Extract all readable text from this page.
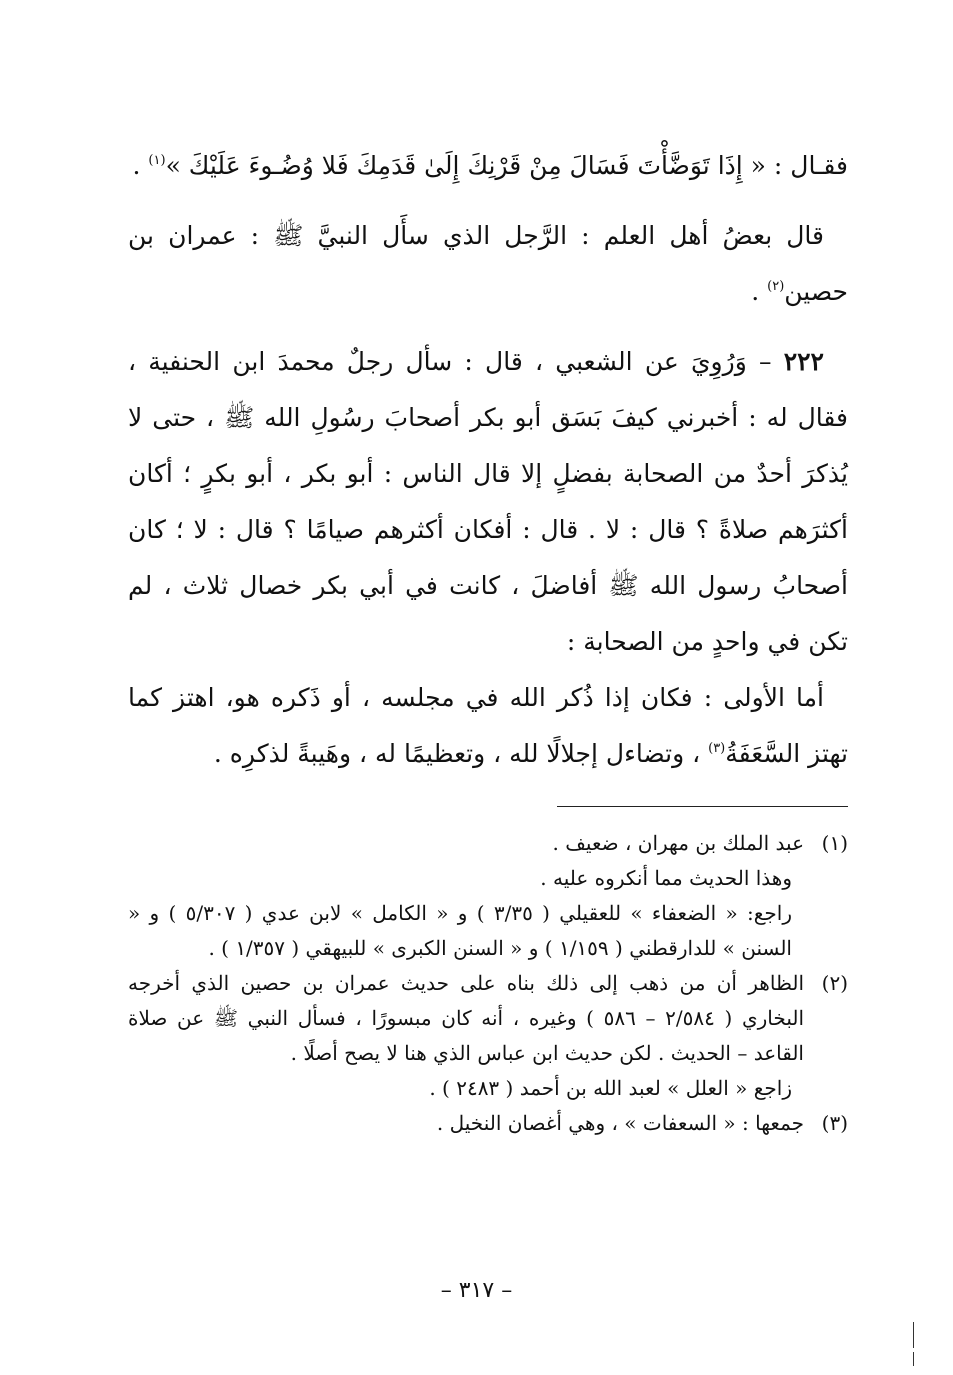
فقـال : « إِذَا تَوَضَّأْتَ فَسَالَ مِنْ قَرْنِكَ إِلَىٰ قَدَمِكَ فَلا وُضُـوءَ عَلَيْكَ »$^{(١)}$ .

قال بعضُ أهل العلم : الرَّجل الذي سأَل النبيَّ ﷺ : عمران بن حصين$^{(٢)}$ .

٢٢٢ – وَرُوِيَ عن الشعبي ، قال : سأل رجلٌ محمدَ ابن الحنفية ، فقال له : أخبرني كيفَ بَسَق أبو بكر أصحابَ رسُولِ الله ﷺ ، حتى لا يُذكرَ أحدٌ من الصحابة بفضلٍ إلا قال الناس : أبو بكر ، أبو بكرٍ ؛ أكان أكثرَهم صلاةً ؟ قال : لا . قال : أفكان أكثرهم صيامًا ؟ قال : لا ؛ كان أصحابُ رسول الله ﷺ أفاضلَ ، كانت في أبي بكر خصال ثلاث ، لم تكن في واحدٍ من الصحابة :

أما الأولى : فكان إذا ذُكر الله في مجلسه ، أو ذَكره هو، اهتز كما تهتز السَّعَفَةُ$^{(٣)}$ ، وتضاءل إجلالًا لله ، وتعظيمًا له ، وهَيبةً لذكرِه .

(١)

عبد الملك بن مهران ، ضعيف .

وهذا الحديث مما أنكروه عليه .

راجع: « الضعفاء » للعقيلي ( ٣/٣٥ ) و « الكامل » لابن عدي ( ٥/٣٠٧ ) و « السنن » للدارقطني ( ١/١٥٩ ) و « السنن الكبرى » للبيهقي ( ١/٣٥٧ ) .

(٢)

الظاهر أن من ذهب إلى ذلك بناه على حديث عمران بن حصين الذي أخرجه البخاري ( ٢/٥٨٤ – ٥٨٦ ) وغيره ، أنه كان مبسورًا ، فسأل النبي ﷺ عن صلاة القاعد – الحديث . لكن حديث ابن عباس الذي هنا لا يصح أصلًا .

زاجع « العلل » لعبد الله بن أحمد ( ٢٤٨٣ ) .

(٣)

جمعها : « السعفات » ، وهي أغصان النخيل .

– ٣١٧ –
